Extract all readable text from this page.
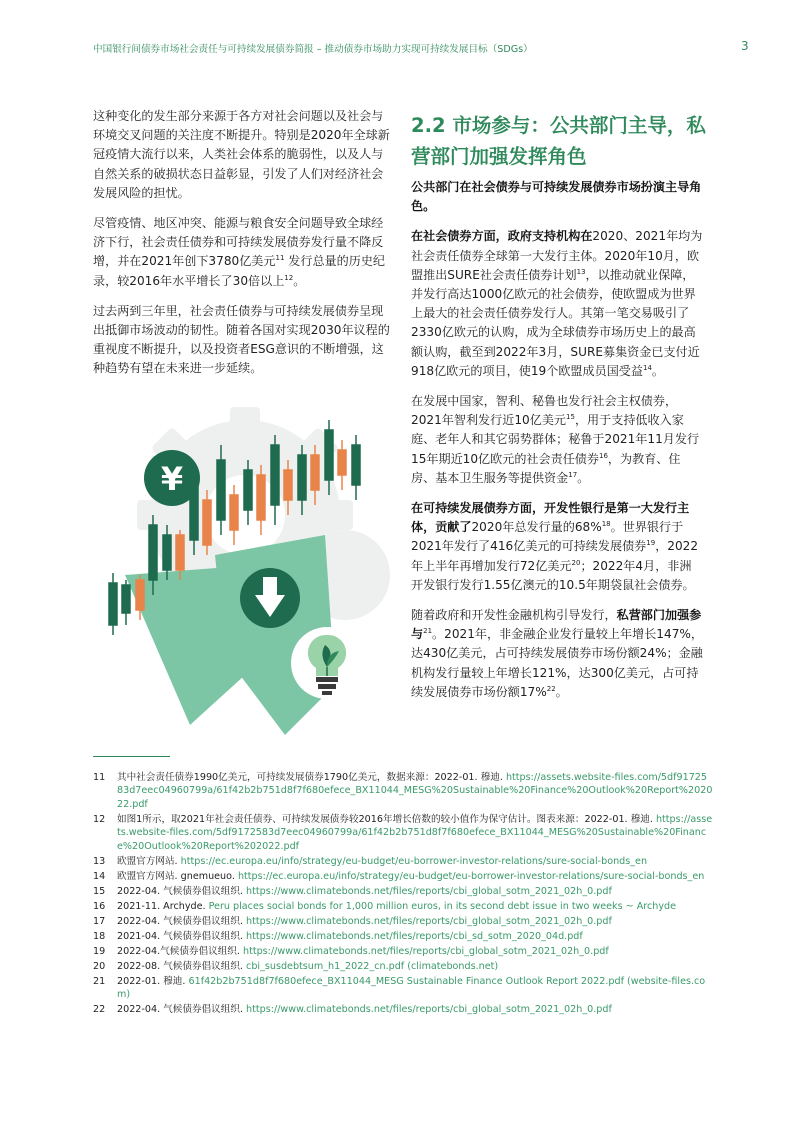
中国银行间债券市场社会责任与可持续发展债券简报 – 推动债券市场助力实现可持续发展目标（SDGs）	3

这种变化的发生部分来源于各方对社会问题以及社会与环境交叉问题的关注度不断提升。特别是2020年全球新冠疫情大流行以来，人类社会体系的脆弱性，以及人与自然关系的破损状态日益彰显，引发了人们对经济社会发展风险的担忧。

尽管疫情、地区冲突、能源与粮食安全问题导致全球经济下行，社会责任债券和可持续发展债券发行量不降反增，并在2021年创下3780亿美元$^{11}$ 发行总量的历史纪录，较2016年水平增长了30倍以上$^{12}$。

过去两到三年里，社会责任债券与可持续发展债券呈现出抵御市场波动的韧性。随着各国对实现2030年议程的重视度不断提升，以及投资者ESG意识的不断增强，这种趋势有望在未来进一步延续。

¥
2.2 市场参与：公共部门主导，私营部门加强发挥角色

公共部门在社会债券与可持续发展债券市场扮演主导角色。

在社会债券方面，政府支持机构在2020、2021年均为社会责任债券全球第一大发行主体。2020年10月，欧盟推出SURE社会责任债券计划$^{13}$，以推动就业保障，并发行高达1000亿欧元的社会债券，使欧盟成为世界上最大的社会责任债券发行人。其第一笔交易吸引了2330亿欧元的认购，成为全球债券市场历史上的最高额认购，截至到2022年3月，SURE募集资金已支付近918亿欧元的项目，使19个欧盟成员国受益$^{14}$。

在发展中国家，智利、秘鲁也发行社会主权债券，2021年智利发行近10亿美元$^{15}$，用于支持低收入家庭、老年人和其它弱势群体；秘鲁于2021年11月发行15年期近10亿欧元的社会责任债券$^{16}$，为教育、住房、基本卫生服务等提供资金$^{17}$。

在可持续发展债券方面，开发性银行是第一大发行主体，贡献了2020年总发行量的68%$^{18}$。世界银行于2021年发行了416亿美元的可持续发展债券$^{19}$，2022年上半年再增加发行72亿美元$^{20}$；2022年4月，非洲开发银行发行1.55亿澳元的10.5年期袋鼠社会债券。

随着政府和开发性金融机构引导发行，私营部门加强参与$^{21}$。2021年，非金融企业发行量较上年增长147%，达430亿美元，占可持续发展债券市场份额24%；金融机构发行量较上年增长121%，达300亿美元，占可持续发展债券市场份额17%$^{22}$。

11	其中社会责任债券1990亿美元，可持续发展债券1790亿美元，数据来源：2022-01. 穆迪. https://assets.website-files.com/5df9172583d7eec04960799a/61f42b2b751d8f7f680efece_BX11044_MESG%20Sustainable%20Finance%20Outlook%20Report%202022.pdf
12	如图1所示，取2021年社会责任债券、可持续发展债券较2016年增长倍数的较小值作为保守估计。图表来源：2022-01. 穆迪. https://assets.website-files.com/5df9172583d7eec04960799a/61f42b2b751d8f7f680efece_BX11044_MESG%20Sustainable%20Finance%20Outlook%20Report%202022.pdf
13	欧盟官方网站. https://ec.europa.eu/info/strategy/eu-budget/eu-borrower-investor-relations/sure-social-bonds_en
14	欧盟官方网站. gnemueuo. https://ec.europa.eu/info/strategy/eu-budget/eu-borrower-investor-relations/sure-social-bonds_en
15	2022-04. 气候债券倡议组织. https://www.climatebonds.net/files/reports/cbi_global_sotm_2021_02h_0.pdf
16	2021-11. Archyde. Peru places social bonds for 1,000 million euros, in its second debt issue in two weeks ~ Archyde
17	2022-04. 气候债券倡议组织. https://www.climatebonds.net/files/reports/cbi_global_sotm_2021_02h_0.pdf
18	2021-04. 气候债券倡议组织. https://www.climatebonds.net/files/reports/cbi_sd_sotm_2020_04d.pdf
19	2022-04.气候债券倡议组织. https://www.climatebonds.net/files/reports/cbi_global_sotm_2021_02h_0.pdf
20	2022-08. 气候债券倡议组织. cbi_susdebtsum_h1_2022_cn.pdf (climatebonds.net)
21	2022-01. 穆迪. 61f42b2b751d8f7f680efece_BX11044_MESG Sustainable Finance Outlook Report 2022.pdf (website-files.com)
22	2022-04. 气候债券倡议组织. https://www.climatebonds.net/files/reports/cbi_global_sotm_2021_02h_0.pdf
